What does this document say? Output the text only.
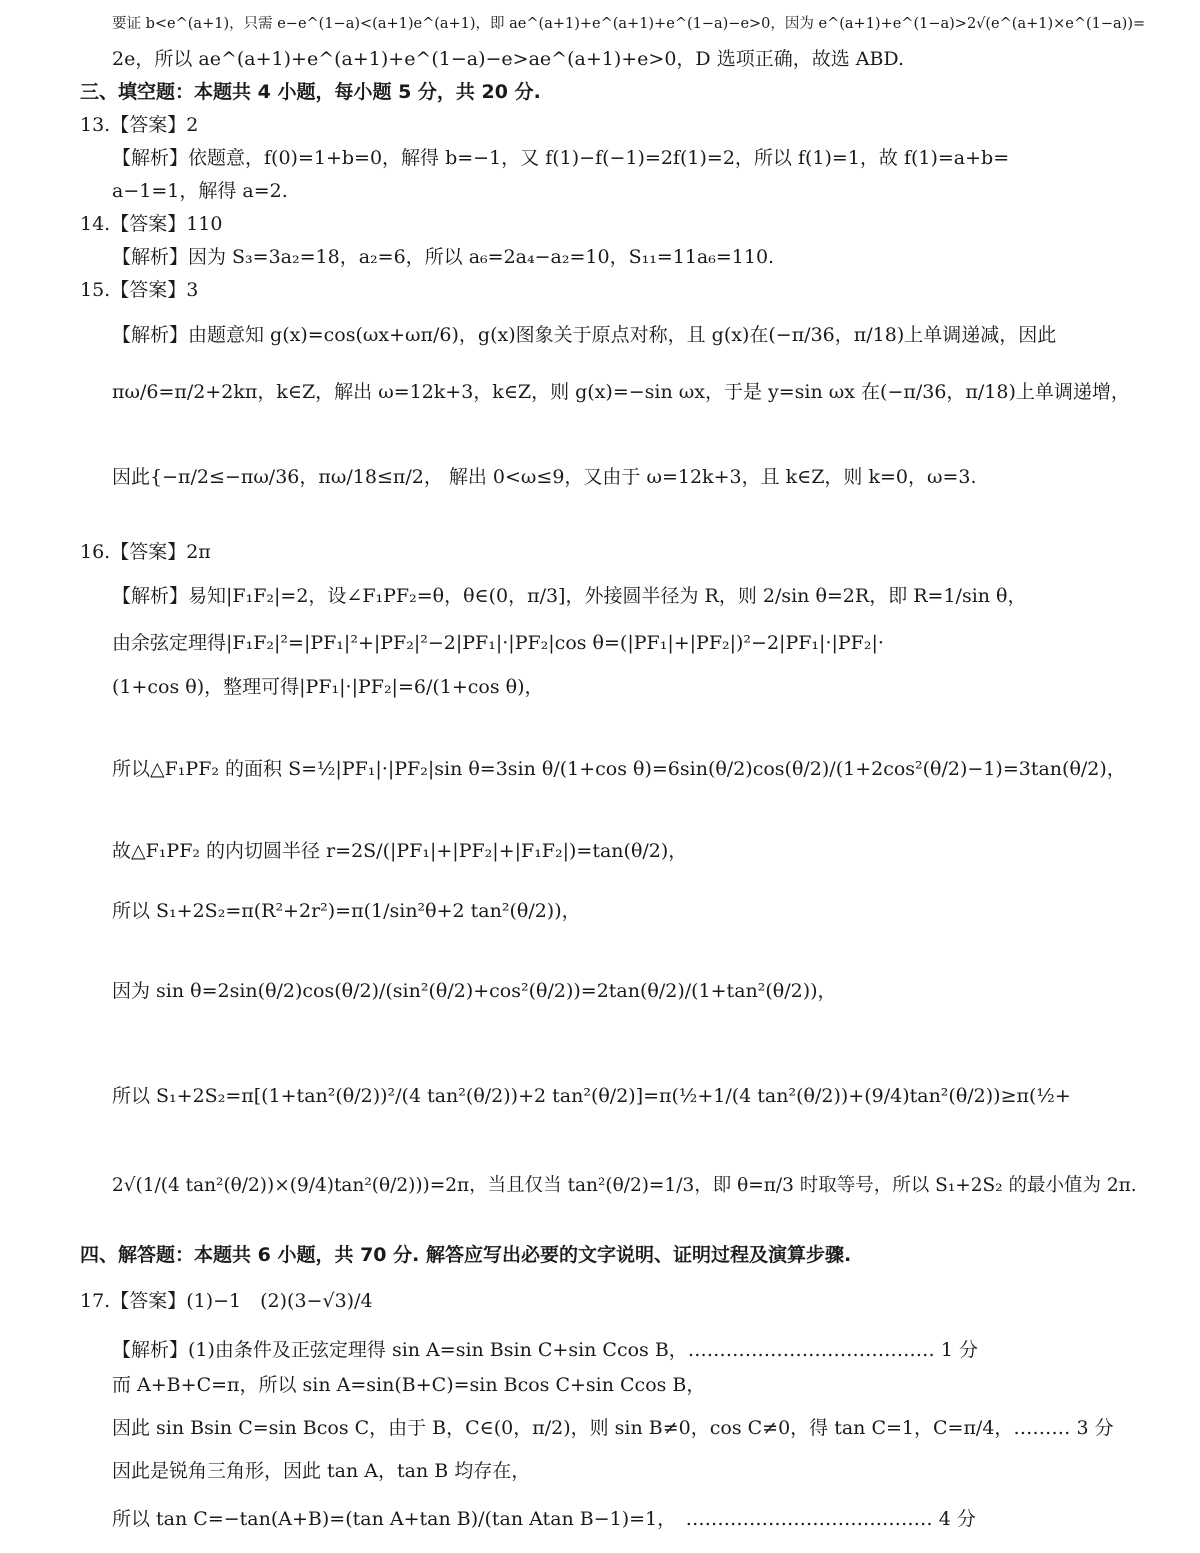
要证 b<e^(a+1)，只需 e−e^(1−a)<(a+1)e^(a+1)，即 ae^(a+1)+e^(a+1)+e^(1−a)−e>0，因为 e^(a+1)+e^(1−a)>2√(e^(a+1)×e^(1−a))=
2e，所以 ae^(a+1)+e^(a+1)+e^(1−a)−e>ae^(a+1)+e>0，D 选项正确，故选 ABD.
三、填空题：本题共 4 小题，每小题 5 分，共 20 分.
13.【答案】2
【解析】依题意，f(0)=1+b=0，解得 b=−1，又 f(1)−f(−1)=2f(1)=2，所以 f(1)=1，故 f(1)=a+b=
a−1=1，解得 a=2.
14.【答案】110
【解析】因为 S₃=3a₂=18，a₂=6，所以 a₆=2a₄−a₂=10，S₁₁=11a₆=110.
15.【答案】3
【解析】由题意知 g(x)=cos(ωx+ωπ/6)，g(x)图象关于原点对称，且 g(x)在(−π/36，π/18)上单调递减，因此
πω/6=π/2+2kπ，k∈Z，解出 ω=12k+3，k∈Z，则 g(x)=−sin ωx，于是 y=sin ωx 在(−π/36，π/18)上单调递增，
因此{−π/2≤−πω/36，πω/18≤π/2， 解出 0<ω≤9，又由于 ω=12k+3，且 k∈Z，则 k=0，ω=3.
16.【答案】2π
【解析】易知|F₁F₂|=2，设∠F₁PF₂=θ，θ∈(0，π/3]，外接圆半径为 R，则 2/sin θ=2R，即 R=1/sin θ，
由余弦定理得|F₁F₂|²=|PF₁|²+|PF₂|²−2|PF₁|·|PF₂|cos θ=(|PF₁|+|PF₂|)²−2|PF₁|·|PF₂|·
(1+cos θ)，整理可得|PF₁|·|PF₂|=6/(1+cos θ)，
所以△F₁PF₂ 的面积 S=½|PF₁|·|PF₂|sin θ=3sin θ/(1+cos θ)=6sin(θ/2)cos(θ/2)/(1+2cos²(θ/2)−1)=3tan(θ/2)，
故△F₁PF₂ 的内切圆半径 r=2S/(|PF₁|+|PF₂|+|F₁F₂|)=tan(θ/2)，
所以 S₁+2S₂=π(R²+2r²)=π(1/sin²θ+2 tan²(θ/2))，
因为 sin θ=2sin(θ/2)cos(θ/2)/(sin²(θ/2)+cos²(θ/2))=2tan(θ/2)/(1+tan²(θ/2))，
所以 S₁+2S₂=π[(1+tan²(θ/2))²/(4 tan²(θ/2))+2 tan²(θ/2)]=π(½+1/(4 tan²(θ/2))+(9/4)tan²(θ/2))≥π(½+
2√(1/(4 tan²(θ/2))×(9/4)tan²(θ/2)))=2π，当且仅当 tan²(θ/2)=1/3，即 θ=π/3 时取等号，所以 S₁+2S₂ 的最小值为 2π.
四、解答题：本题共 6 小题，共 70 分. 解答应写出必要的文字说明、证明过程及演算步骤.
17.【答案】(1)−1　(2)(3−√3)/4
【解析】(1)由条件及正弦定理得 sin A=sin Bsin C+sin Ccos B，………………………………… 1 分
而 A+B+C=π，所以 sin A=sin(B+C)=sin Bcos C+sin Ccos B，
因此 sin Bsin C=sin Bcos C，由于 B，C∈(0，π/2)，则 sin B≠0，cos C≠0，得 tan C=1，C=π/4，……… 3 分
因此是锐角三角形，因此 tan A，tan B 均存在，
所以 tan C=−tan(A+B)=(tan A+tan B)/(tan Atan B−1)=1，　………………………………… 4 分
